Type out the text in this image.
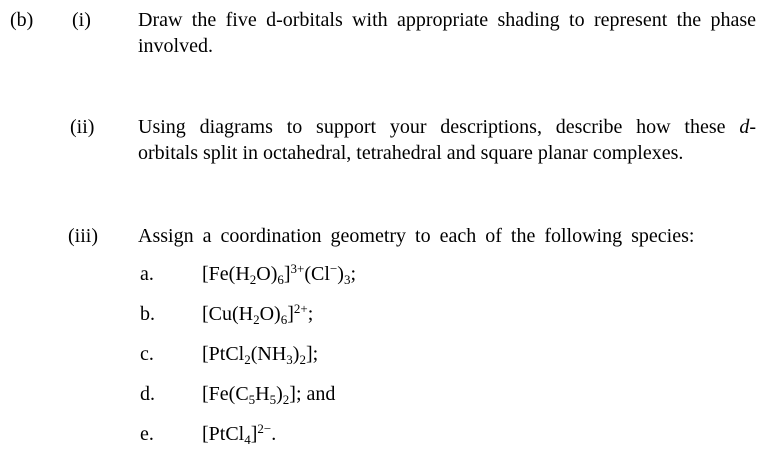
(b) (i) Draw the five d-orbitals with appropriate shading to represent the phase
involved.
(ii) Using diagrams to support your descriptions, describe how these d-
orbitals split in octahedral, tetrahedral and square planar complexes.
(iii) Assign a coordination geometry to each of the following species:
a. $[Fe(H_2O)_6]^{3+}(Cl^-)_3$;
b. $[Cu(H_2O)_6]^{2+}$;
c. $[PtCl_2(NH_3)_2]$;
d. $[Fe(C_5H_5)_2]$; and
e. [PtCl$_4$]$^{2-}$.
